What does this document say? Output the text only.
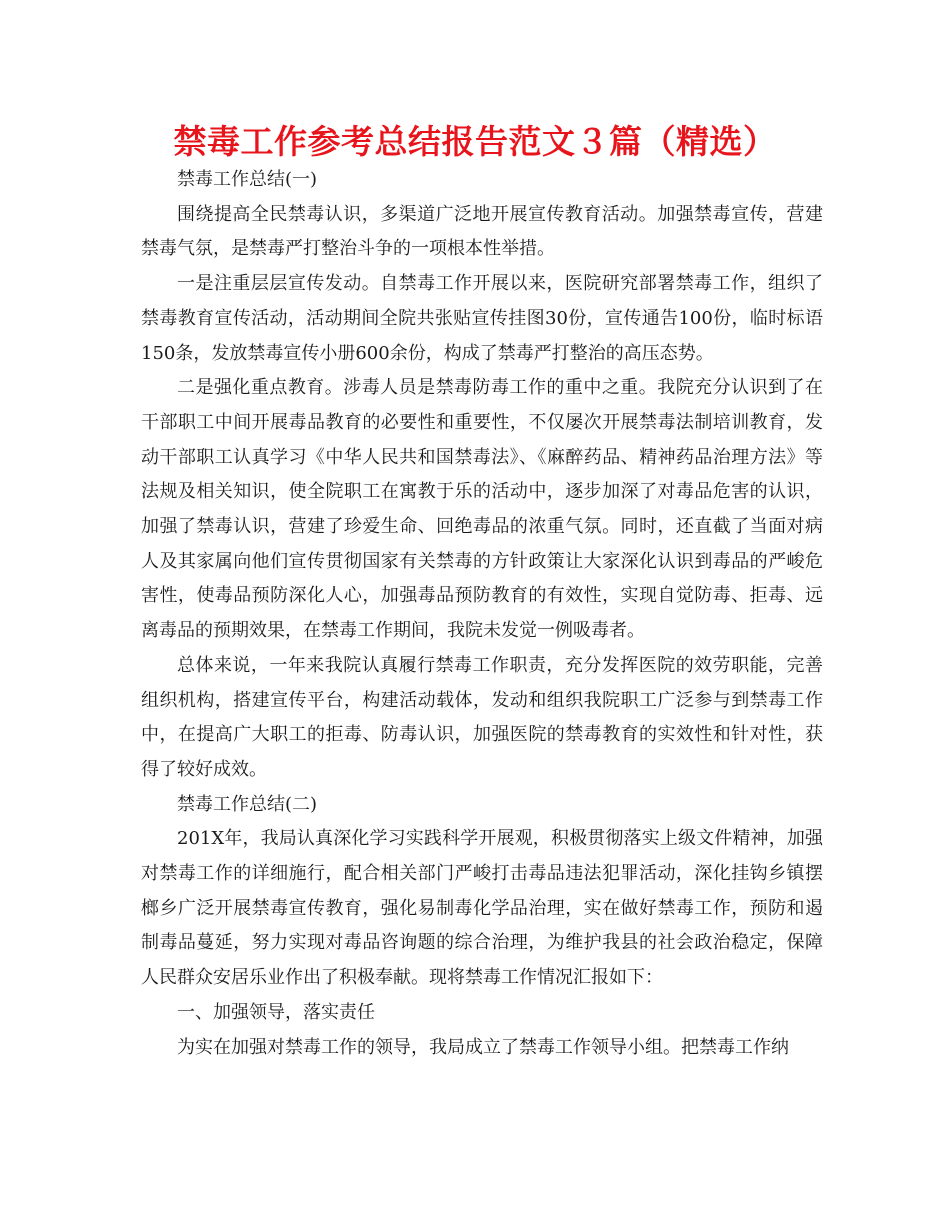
禁毒工作参考总结报告范文３篇（精选）

禁毒工作总结(一)

围绕提高全民禁毒认识，多渠道广泛地开展宣传教育活动。加强禁毒宣传，营建禁毒气氛，是禁毒严打整治斗争的一项根本性举措。

一是注重层层宣传发动。自禁毒工作开展以来，医院研究部署禁毒工作，组织了禁毒教育宣传活动，活动期间全院共张贴宣传挂图30份，宣传通告100份，临时标语150条，发放禁毒宣传小册600余份，构成了禁毒严打整治的高压态势。

二是强化重点教育。涉毒人员是禁毒防毒工作的重中之重。我院充分认识到了在干部职工中间开展毒品教育的必要性和重要性，不仅屡次开展禁毒法制培训教育，发动干部职工认真学习《中华人民共和国禁毒法》、《麻醉药品、精神药品治理方法》等法规及相关知识，使全院职工在寓教于乐的活动中，逐步加深了对毒品危害的认识，加强了禁毒认识，营建了珍爱生命、回绝毒品的浓重气氛。同时，还直截了当面对病人及其家属向他们宣传贯彻国家有关禁毒的方针政策让大家深化认识到毒品的严峻危害性，使毒品预防深化人心，加强毒品预防教育的有效性，实现自觉防毒、拒毒、远离毒品的预期效果，在禁毒工作期间，我院未发觉一例吸毒者。

总体来说，一年来我院认真履行禁毒工作职责，充分发挥医院的效劳职能，完善组织机构，搭建宣传平台，构建活动载体，发动和组织我院职工广泛参与到禁毒工作中，在提高广大职工的拒毒、防毒认识，加强医院的禁毒教育的实效性和针对性，获得了较好成效。

禁毒工作总结(二)

201X年，我局认真深化学习实践科学开展观，积极贯彻落实上级文件精神，加强对禁毒工作的详细施行，配合相关部门严峻打击毒品违法犯罪活动，深化挂钩乡镇摆榔乡广泛开展禁毒宣传教育，强化易制毒化学品治理，实在做好禁毒工作，预防和遏制毒品蔓延，努力实现对毒品咨询题的综合治理，为维护我县的社会政治稳定，保障人民群众安居乐业作出了积极奉献。现将禁毒工作情况汇报如下：

一、加强领导，落实责任

为实在加强对禁毒工作的领导，我局成立了禁毒工作领导小组。把禁毒工作纳
